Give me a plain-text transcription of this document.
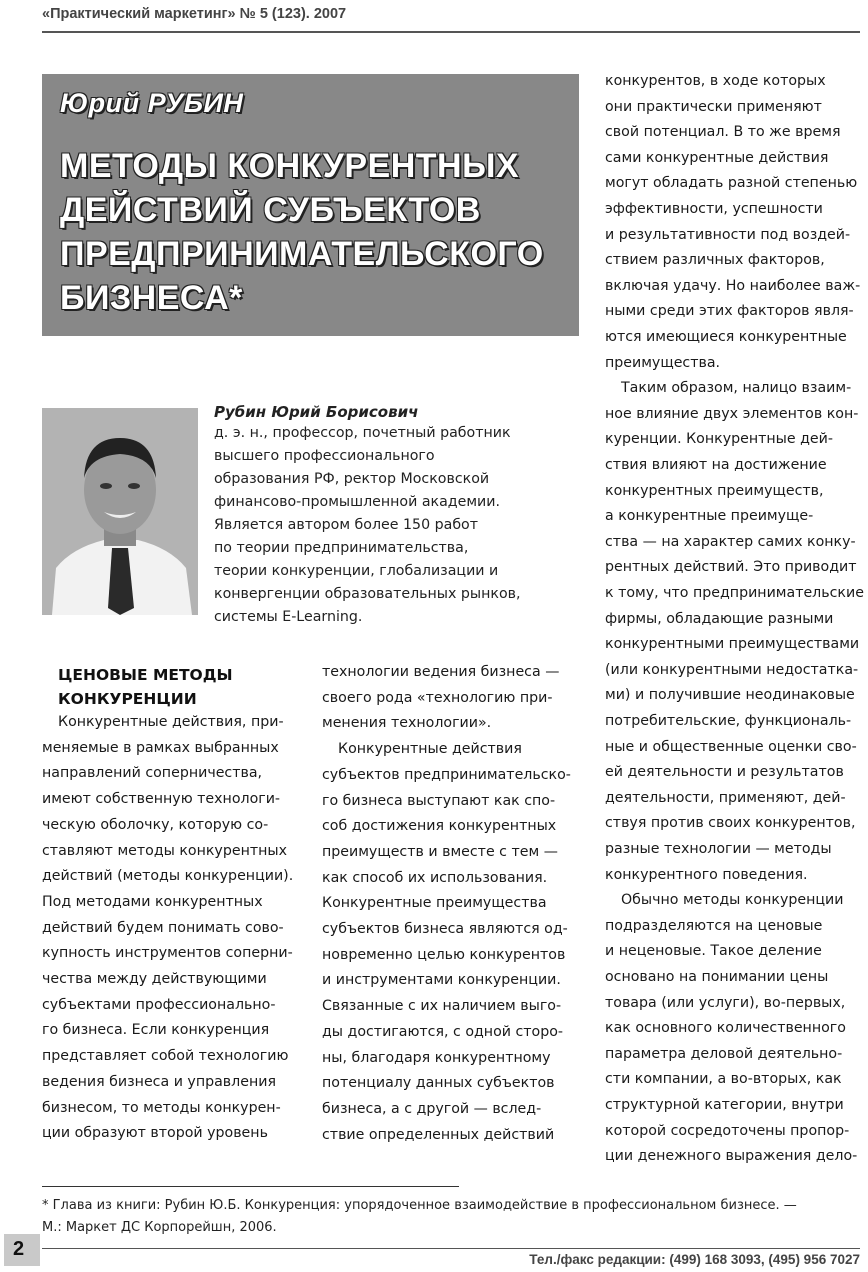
«Практический маркетинг» № 5 (123). 2007
Юрий РУБИН
МЕТОДЫ КОНКУРЕНТНЫХ
ДЕЙСТВИЙ СУБЪЕКТОВ
ПРЕДПРИНИМАТЕЛЬСКОГО
БИЗНЕСА*
Рубин Юрий Борисович
д. э. н., профессор, почетный работник
высшего профессионального
образования РФ, ректор Московской
финансово-промышленной академии.
Является автором более 150 работ
по теории предпринимательства,
теории конкуренции, глобализации и
конвергенции образовательных рынков,
системы E-Learning.
ЦЕНОВЫЕ МЕТОДЫ
КОНКУРЕНЦИИ
Конкурентные действия, при-
меняемые в рамках выбранных
направлений соперничества,
имеют собственную технологи-
ческую оболочку, которую со-
ставляют методы конкурентных
действий (методы конкуренции).
Под методами конкурентных
действий будем понимать сово-
купность инструментов соперни-
чества между действующими
субъектами профессионально-
го бизнеса. Если конкуренция
представляет собой технологию
ведения бизнеса и управления
бизнесом, то методы конкурен-
ции образуют второй уровень
технологии ведения бизнеса —
своего рода «технологию при-
менения технологии».
Конкурентные действия
субъектов предпринимательско-
го бизнеса выступают как спо-
соб достижения конкурентных
преимуществ и вместе с тем —
как способ их использования.
Конкурентные преимущества
субъектов бизнеса являются од-
новременно целью конкурентов
и инструментами конкуренции.
Связанные с их наличием выго-
ды достигаются, с одной сторо-
ны, благодаря конкурентному
потенциалу данных субъектов
бизнеса, а с другой — вслед-
ствие определенных действий
конкурентов, в ходе которых
они практически применяют
свой потенциал. В то же время
сами конкурентные действия
могут обладать разной степенью
эффективности, успешности
и результативности под воздей-
ствием различных факторов,
включая удачу. Но наиболее важ-
ными среди этих факторов явля-
ются имеющиеся конкурентные
преимущества.
Таким образом, налицо взаим-
ное влияние двух элементов кон-
куренции. Конкурентные дей-
ствия влияют на достижение
конкурентных преимуществ,
а конкурентные преимуще-
ства — на характер самих конку-
рентных действий. Это приводит
к тому, что предпринимательские
фирмы, обладающие разными
конкурентными преимуществами
(или конкурентными недостатка-
ми) и получившие неодинаковые
потребительские, функциональ-
ные и общественные оценки сво-
ей деятельности и результатов
деятельности, применяют, дей-
ствуя против своих конкурентов,
разные технологии — методы
конкурентного поведения.
Обычно методы конкуренции
подразделяются на ценовые
и неценовые. Такое деление
основано на понимании цены
товара (или услуги), во-первых,
как основного количественного
параметра деловой деятельно-
сти компании, а во-вторых, как
структурной категории, внутри
которой сосредоточены пропор-
ции денежного выражения дело-
* Глава из книги: Рубин Ю.Б. Конкуренция: упорядоченное взаимодействие в профессиональном бизнесе. —
М.: Маркет ДС Корпорейшн, 2006.
2	Тел./факс редакции: (499) 168 3093, (495) 956 7027
